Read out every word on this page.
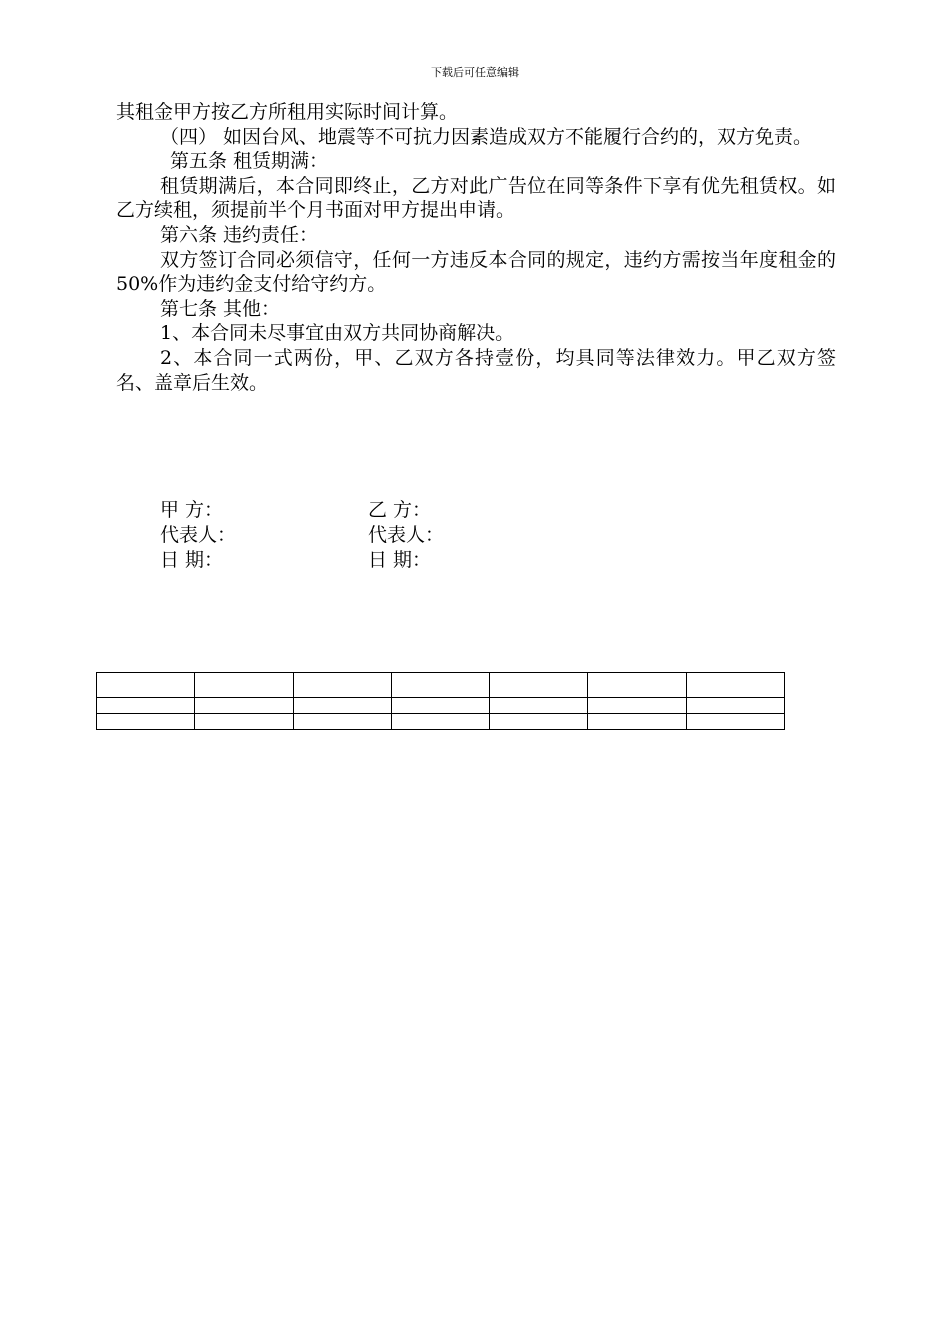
下载后可任意编辑

其租金甲方按乙方所租用实际时间计算。

（四） 如因台风、地震等不可抗力因素造成双方不能履行合约的，双方免责。

第五条 租赁期满：

租赁期满后，本合同即终止，乙方对此广告位在同等条件下享有优先租赁权。如乙方续租，须提前半个月书面对甲方提出申请。

第六条 违约责任：

双方签订合同必须信守，任何一方违反本合同的规定，违约方需按当年度租金的50%作为违约金支付给守约方。

第七条 其他：

1、本合同未尽事宜由双方共同协商解决。

2、本合同一式两份，甲、乙双方各持壹份，均具同等法律效力。甲乙双方签名、盖章后生效。

甲 方：	乙 方：
代表人：	代表人：
日 期：	日 期：
